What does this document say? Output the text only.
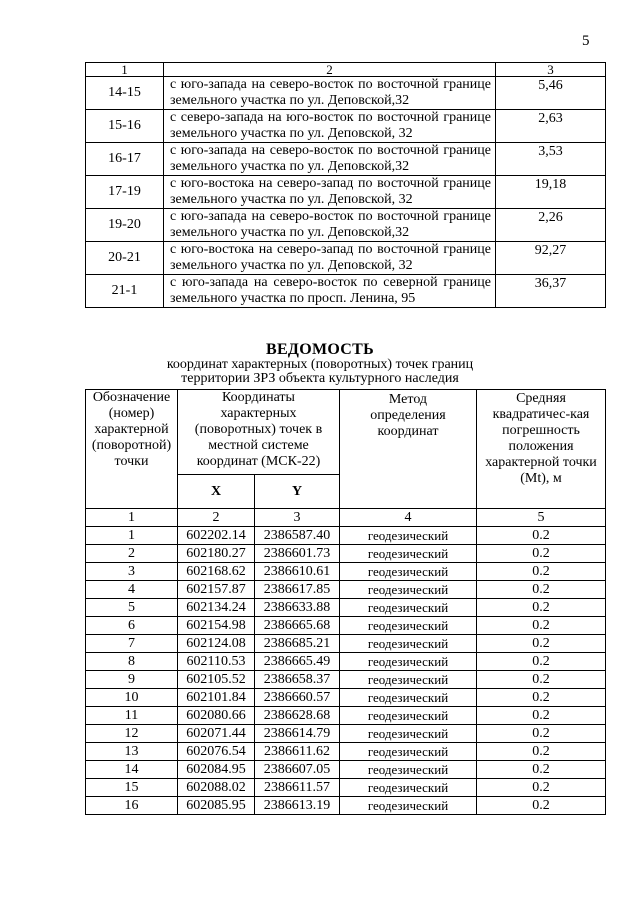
5
1	2	3
14-15	с юго-запада на северо-восток по восточной границе земельного участка по ул. Деповской,32	5,46
15-16	с северо-запада на юго-восток по восточной границе земельного участка по ул. Деповской, 32	2,63
16-17	с юго-запада на северо-восток по восточной границе земельного участка по ул. Деповской,32	3,53
17-19	с юго-востока на северо-запад по восточной границе земельного участка по ул. Деповской, 32	19,18
19-20	с юго-запада на северо-восток по восточной границе земельного участка по ул. Деповской,32	2,26
20-21	с юго-востока на северо-запад по восточной границе земельного участка по ул. Деповской, 32	92,27
21-1	с юго-запада на северо-восток по северной границе земельного участка по просп. Ленина, 95	36,37
ВЕДОМОСТЬ
координат характерных (поворотных) точек границ
территории ЗРЗ объекта культурного наследия
Обозначение (номер) характерной (поворотной) точки	Координаты характерных (поворотных) точек в местной системе координат (МСК-22)		Метод определения координат	Средняя квадратичес-кая погрешность положения характерной точки (Mt), м
	X	Y		
1	2	3	4	5
1	602202.14	2386587.40	геодезический	0.2
2	602180.27	2386601.73	геодезический	0.2
3	602168.62	2386610.61	геодезический	0.2
4	602157.87	2386617.85	геодезический	0.2
5	602134.24	2386633.88	геодезический	0.2
6	602154.98	2386665.68	геодезический	0.2
7	602124.08	2386685.21	геодезический	0.2
8	602110.53	2386665.49	геодезический	0.2
9	602105.52	2386658.37	геодезический	0.2
10	602101.84	2386660.57	геодезический	0.2
11	602080.66	2386628.68	геодезический	0.2
12	602071.44	2386614.79	геодезический	0.2
13	602076.54	2386611.62	геодезический	0.2
14	602084.95	2386607.05	геодезический	0.2
15	602088.02	2386611.57	геодезический	0.2
16	602085.95	2386613.19	геодезический	0.2
